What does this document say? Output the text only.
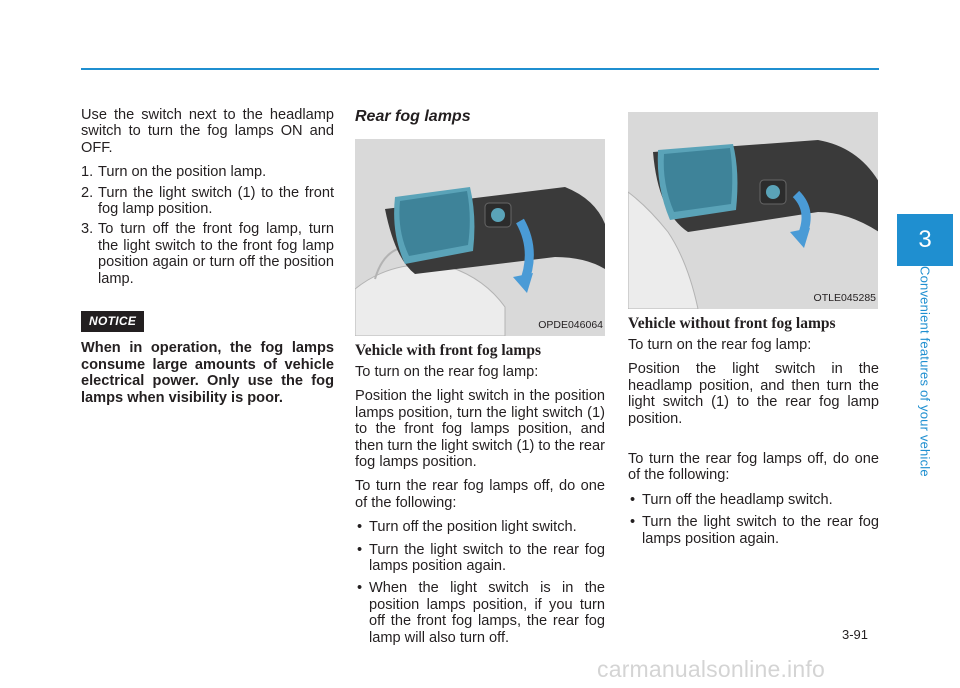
Use the switch next to the headlamp switch to turn the fog lamps ON and OFF.

1. Turn on the position lamp.
2. Turn the light switch (1) to the front fog lamp position.
3. To turn off the front fog lamp, turn the light switch to the front fog lamp position again or turn off the position lamp.
NOTICE

When in operation, the fog lamps consume large amounts of vehicle electrical power. Only use the fog lamps when visibility is poor.

Rear fog lamps
OPDE046064
Vehicle with front fog lamps

To turn on the rear fog lamp:

Position the light switch in the position lamps position, turn the light switch (1) to the front fog lamps position, and then turn the light switch (1) to the rear fog lamps position.

To turn the rear fog lamps off, do one of the following:

• Turn off the position light switch.
• Turn the light switch to the rear fog lamps position again.
• When the light switch is in the position lamps position, if you turn off the front fog lamps, the rear fog lamp will also turn off.
OTLE045285
Vehicle without front fog lamps

To turn on the rear fog lamp:

Position the light switch in the headlamp position, and then turn the light switch (1) to the rear fog lamp position.

To turn the rear fog lamps off, do one of the following:

• Turn off the headlamp switch.
• Turn the light switch to the rear fog lamps position again.
3
Convenient features of your vehicle
3-91
carmanualsonline.info
